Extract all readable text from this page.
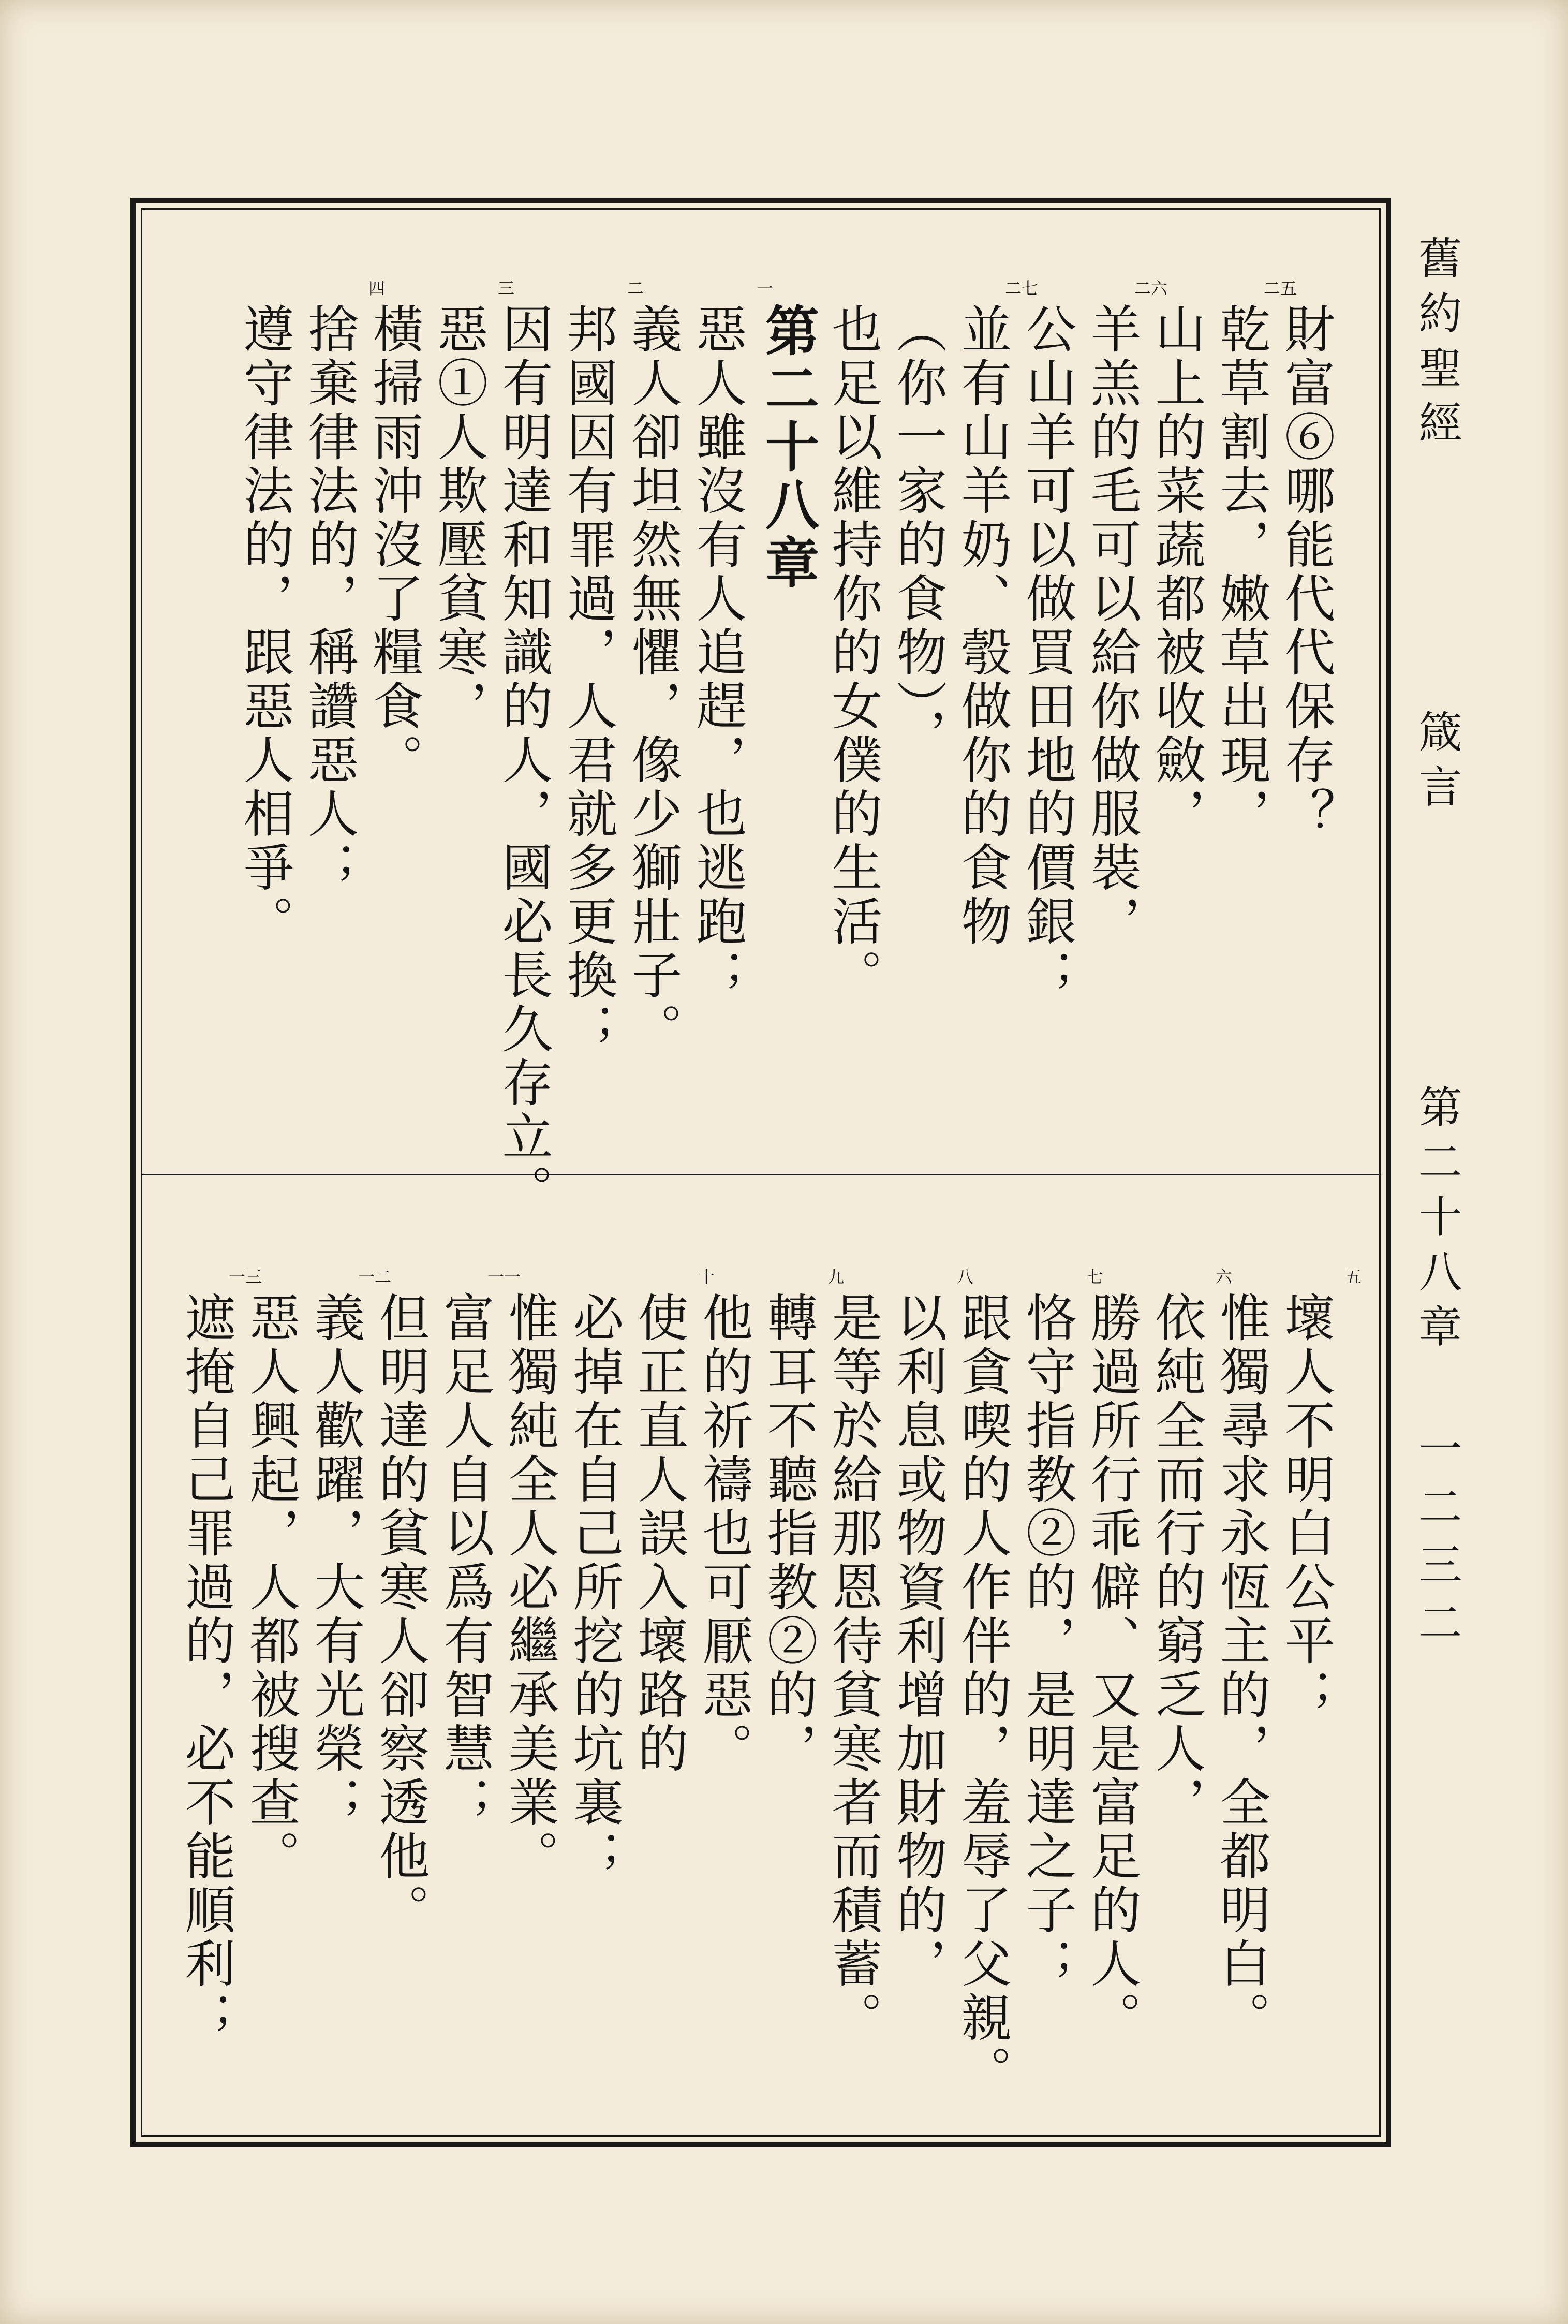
舊約聖經
箴言
第二十八章
一二三二
財富⑥哪能代代保存？
二五
乾草割去，嫩草出現，
山上的菜蔬都被收斂，
二六
羊羔的毛可以給你做服裝，
公山羊可以做買田地的價銀；
二七
並有山羊奶、彀做你的食物
（你一家的食物），
也足以維持你的女僕的生活。
第二十八章
一
惡人雖沒有人追趕，也逃跑；
義人卻坦然無懼，像少獅壯子。
二
邦國因有罪過，人君就多更換；
因有明達和知識的人，國必長久存立。
三
惡①人欺壓貧寒，
橫掃雨沖沒了糧食。
四
捨棄律法的，稱讚惡人；
遵守律法的，跟惡人相爭。
五
壞人不明白公平；
惟獨尋求永恆主的，全都明白。
六
依純全而行的窮乏人，
勝過所行乖僻、又是富足的人。
七
恪守指教②的，是明達之子；
跟貪喫的人作伴的，羞辱了父親。
八
以利息或物資利增加財物的，
是等於給那恩待貧寒者而積蓄。
九
轉耳不聽指教②的，
他的祈禱也可厭惡。
十
使正直人誤入壞路的
必掉在自己所挖的坑裏；
惟獨純全人必繼承美業。
一一
富足人自以爲有智慧；
但明達的貧寒人卻察透他。
一二
義人歡躍，大有光榮；
惡人興起，人都被搜查。
一三
遮掩自己罪過的，必不能順利；
